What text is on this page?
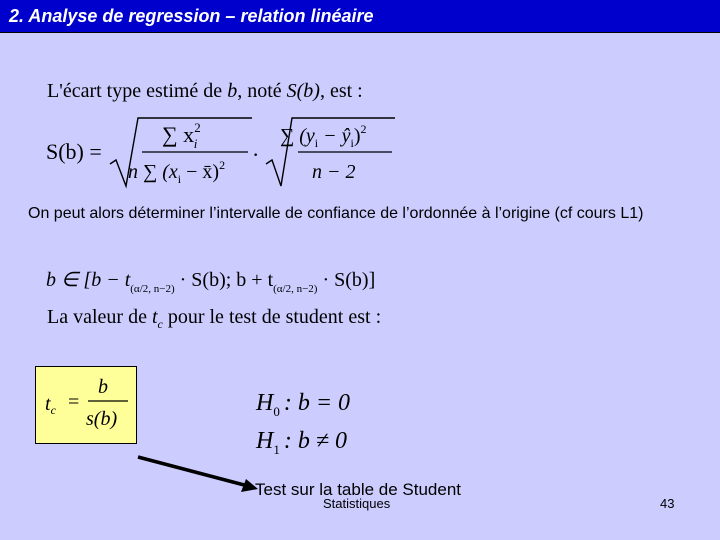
2. Analyse de regression – relation linéaire
L'écart type estimé de b, noté S(b), est :
S(b) =
∑ $x^2$ i
n ∑ ($x_i$ − x̄)$^2$ ·
∑ ($y_i$ − $ŷ_i)^2$
n − 2
On peut alors déterminer l’intervalle de confiance de l’ordonnée à l’origine (cf cours L1)
b ∈ [$b - t_{(\alpha/2, n-2)} \cdot S(b)$; $b + t_{(\alpha/2, n-2)} \cdot S(b)$]
La valeur de $t_c$ pour le test de student est :
$t_c$ =
b
s(b)
$H_0$ : b = 0
$H_1$ : b ≠ 0
Test sur la table de Student
Statistiques	43
